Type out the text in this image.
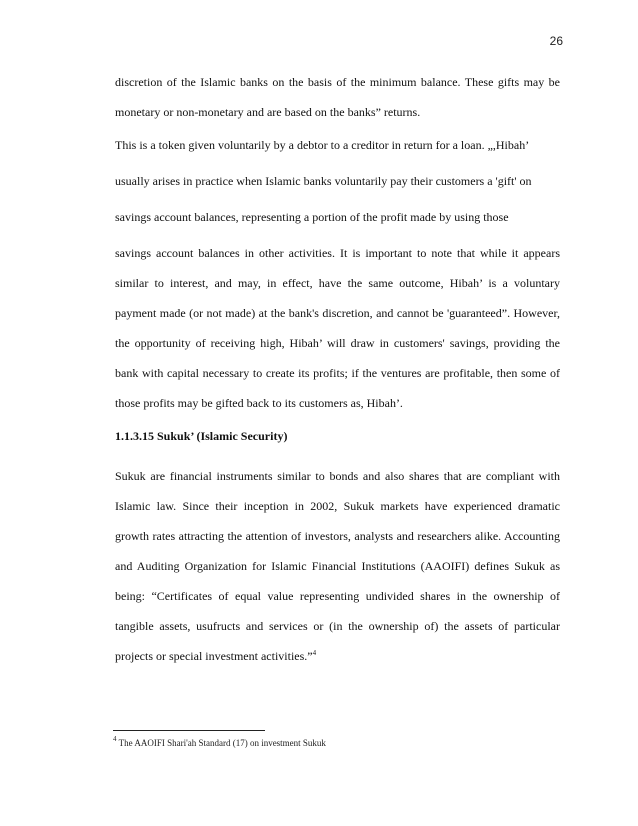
26

discretion of the Islamic banks on the basis of the minimum balance. These gifts may be

monetary or non-monetary and are based on the banks” returns.

This is a token given voluntarily by a debtor to a creditor in return for a loan. „,Hibah’

usually arises in practice when Islamic banks voluntarily pay their customers a 'gift' on

savings account balances, representing a portion of the profit made by using those

savings account balances in other activities. It is important to note that while it appears

similar to interest, and may, in effect, have the same outcome, Hibah’ is a voluntary

payment made (or not made) at the bank's discretion, and cannot be 'guaranteed”. However,

the opportunity of receiving high, Hibah’ will draw in customers' savings, providing the

bank with capital necessary to create its profits; if the ventures are profitable, then some of

those profits may be gifted back to its customers as, Hibah’.

1.1.3.15 Sukuk’ (Islamic Security)

Sukuk are financial instruments similar to bonds and also shares that are compliant with

Islamic law. Since their inception in 2002, Sukuk markets have experienced dramatic

growth rates attracting the attention of investors, analysts and researchers alike. Accounting

and Auditing Organization for Islamic Financial Institutions (AAOIFI) defines Sukuk as

being: “Certificates of equal value representing undivided shares in the ownership of

tangible assets, usufructs and services or (in the ownership of) the assets of particular

projects or special investment activities.”$^4$

$^4$ The AAOIFI Shari'ah Standard (17) on investment Sukuk
